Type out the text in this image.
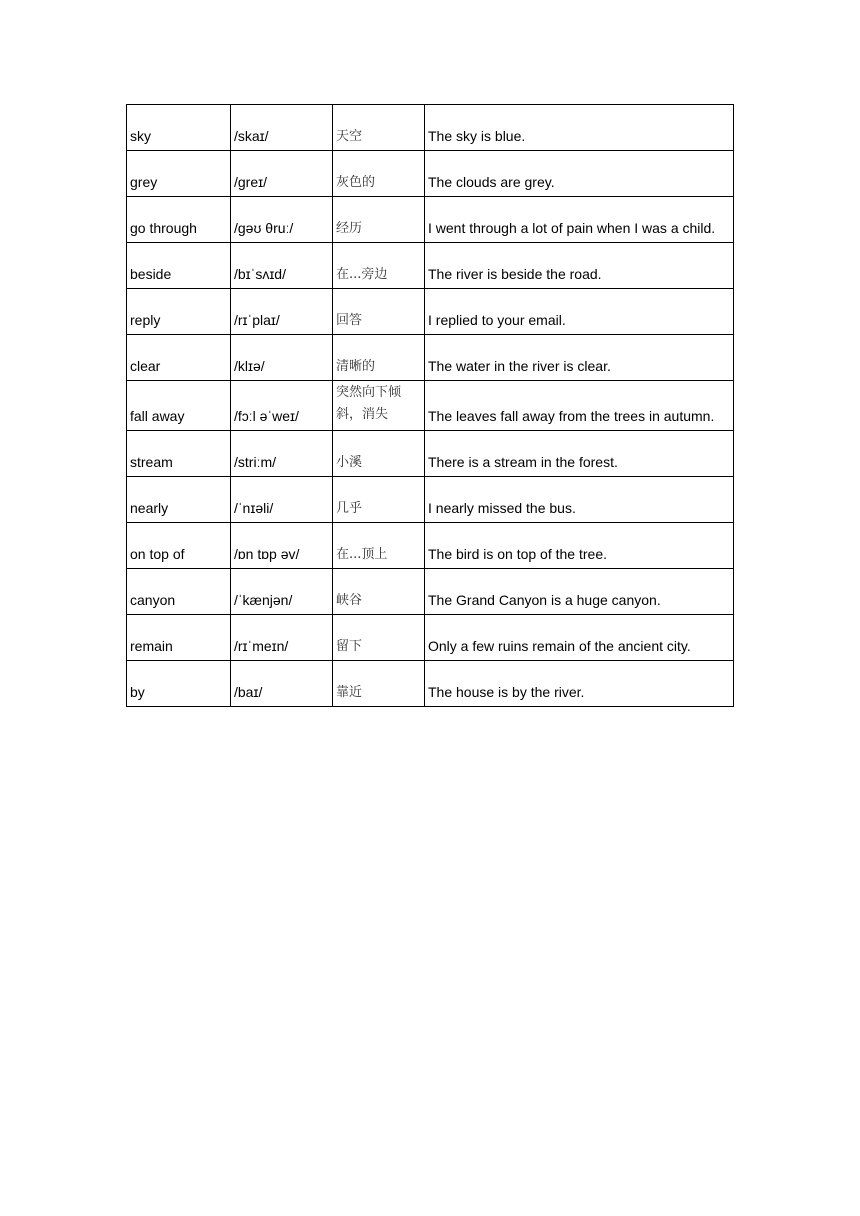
sky	/skaɪ/	天空	The sky is blue.
grey	/ɡreɪ/	灰色的	The clouds are grey.
go through	/ɡəʊ θruː/	经历	I went through a lot of pain when I was a child.
beside	/bɪˈsʌɪd/	在...旁边	The river is beside the road.
reply	/rɪˈplaɪ/	回答	I replied to your email.
clear	/klɪə/	清晰的	The water in the river is clear.
fall away	/fɔːl əˈweɪ/	突然向下倾斜，消失	The leaves fall away from the trees in autumn.
stream	/striːm/	小溪	There is a stream in the forest.
nearly	/ˈnɪəli/	几乎	I nearly missed the bus.
on top of	/ɒn tɒp əv/	在...顶上	The bird is on top of the tree.
canyon	/ˈkænjən/	峡谷	The Grand Canyon is a huge canyon.
remain	/rɪˈmeɪn/	留下	Only a few ruins remain of the ancient city.
by	/baɪ/	靠近	The house is by the river.
